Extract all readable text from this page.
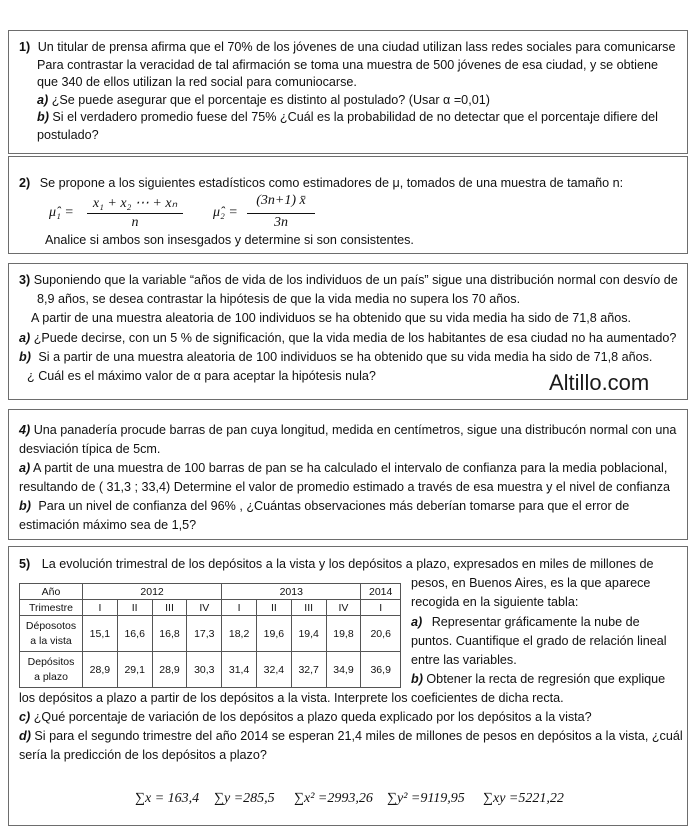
1) Un titular de prensa afirma que el 70% de los jóvenes de una ciudad utilizan lass redes sociales para comunicarse
Para contrastar la veracidad de tal afirmación se toma una muestra de 500 jóvenes de esa ciudad, y se obtiene
que 340 de ellos utilizan la red social para comuniocarse.
a) ¿Se puede asegurar que el porcentaje es distinto al postulado? (Usar α =0,01)
b) Si el verdadero promedio fuese del 75% ¿Cuál es la probabilidad de no detectar que el porcentaje difiere del
postulado?
2) Se propone a los siguientes estadísticos como estimadores de μ, tomados de una muestra de tamaño n:
μ̂₁ =
x₁ + x₂ ⋯ + xₙ
n
μ̂₂ =
(3n+1) x̄
3n
Analice si ambos son insesgados y determine si son consistentes.
3) Suponiendo que la variable “años de vida de los individuos de un país” sigue una distribución normal con desvío de
8,9 años, se desea contrastar la hipótesis de que la vida media no supera los 70 años.
A partir de una muestra aleatoria de 100 individuos se ha obtenido que su vida media ha sido de 71,8 años.
a) ¿Puede decirse, con un 5 % de significación, que la vida media de los habitantes de esa ciudad no ha aumentado?
b) Si a partir de una muestra aleatoria de 100 individuos se ha obtenido que su vida media ha sido de 71,8 años.
¿ Cuál es el máximo valor de α para aceptar la hipótesis nula?	Altillo.com
4) Una panadería procude barras de pan cuya longitud, medida en centímetros, sigue una distribucón normal con una
desviación típica de 5cm.
a) A partit de una muestra de 100 barras de pan se ha calculado el intervalo de confianza para la media poblacional,
resultando de ( 31,3 ; 33,4) Determine el valor de promedio estimado a través de esa muestra y el nivel de confianza
b) Para un nivel de confianza del 96% , ¿Cuántas observaciones más deberían tomarse para que el error de
estimación máximo sea de 1,5?
5) La evolución trimestral de los depósitos a la vista y los depósitos a plazo, expresados en miles de millones de
Año	2012				2013				2014
Trimestre	I	II	III	IV	I	II	III	IV	I
Déposotos
a la vista	15,1	16,6	16,8	17,3	18,2	19,6	19,4	19,8	20,6
Depósitos
a plazo	28,9	29,1	28,9	30,3	31,4	32,4	32,7	34,9	36,9
pesos, en Buenos Aires, es la que aparece
recogida en la siguiente tabla:
a) Representar gráficamente la nube de
puntos. Cuantifique el grado de relación lineal
entre las variables.
b) Obtener la recta de regresión que explique
los depósitos a plazo a partir de los depósitos a la vista. Interprete los coeficientes de dicha recta.
c) ¿Qué porcentaje de variación de los depósitos a plazo queda explicado por los depósitos a la vista?
d) Si para el segundo trimestre del año 2014 se esperan 21,4 miles de millones de pesos en depósitos a la vista, ¿cuál
sería la predicción de los depósitos a plazo?
∑x = 163,4 ∑y =285,5 ∑x² =2993,26 ∑y² =9119,95 ∑xy =5221,22
